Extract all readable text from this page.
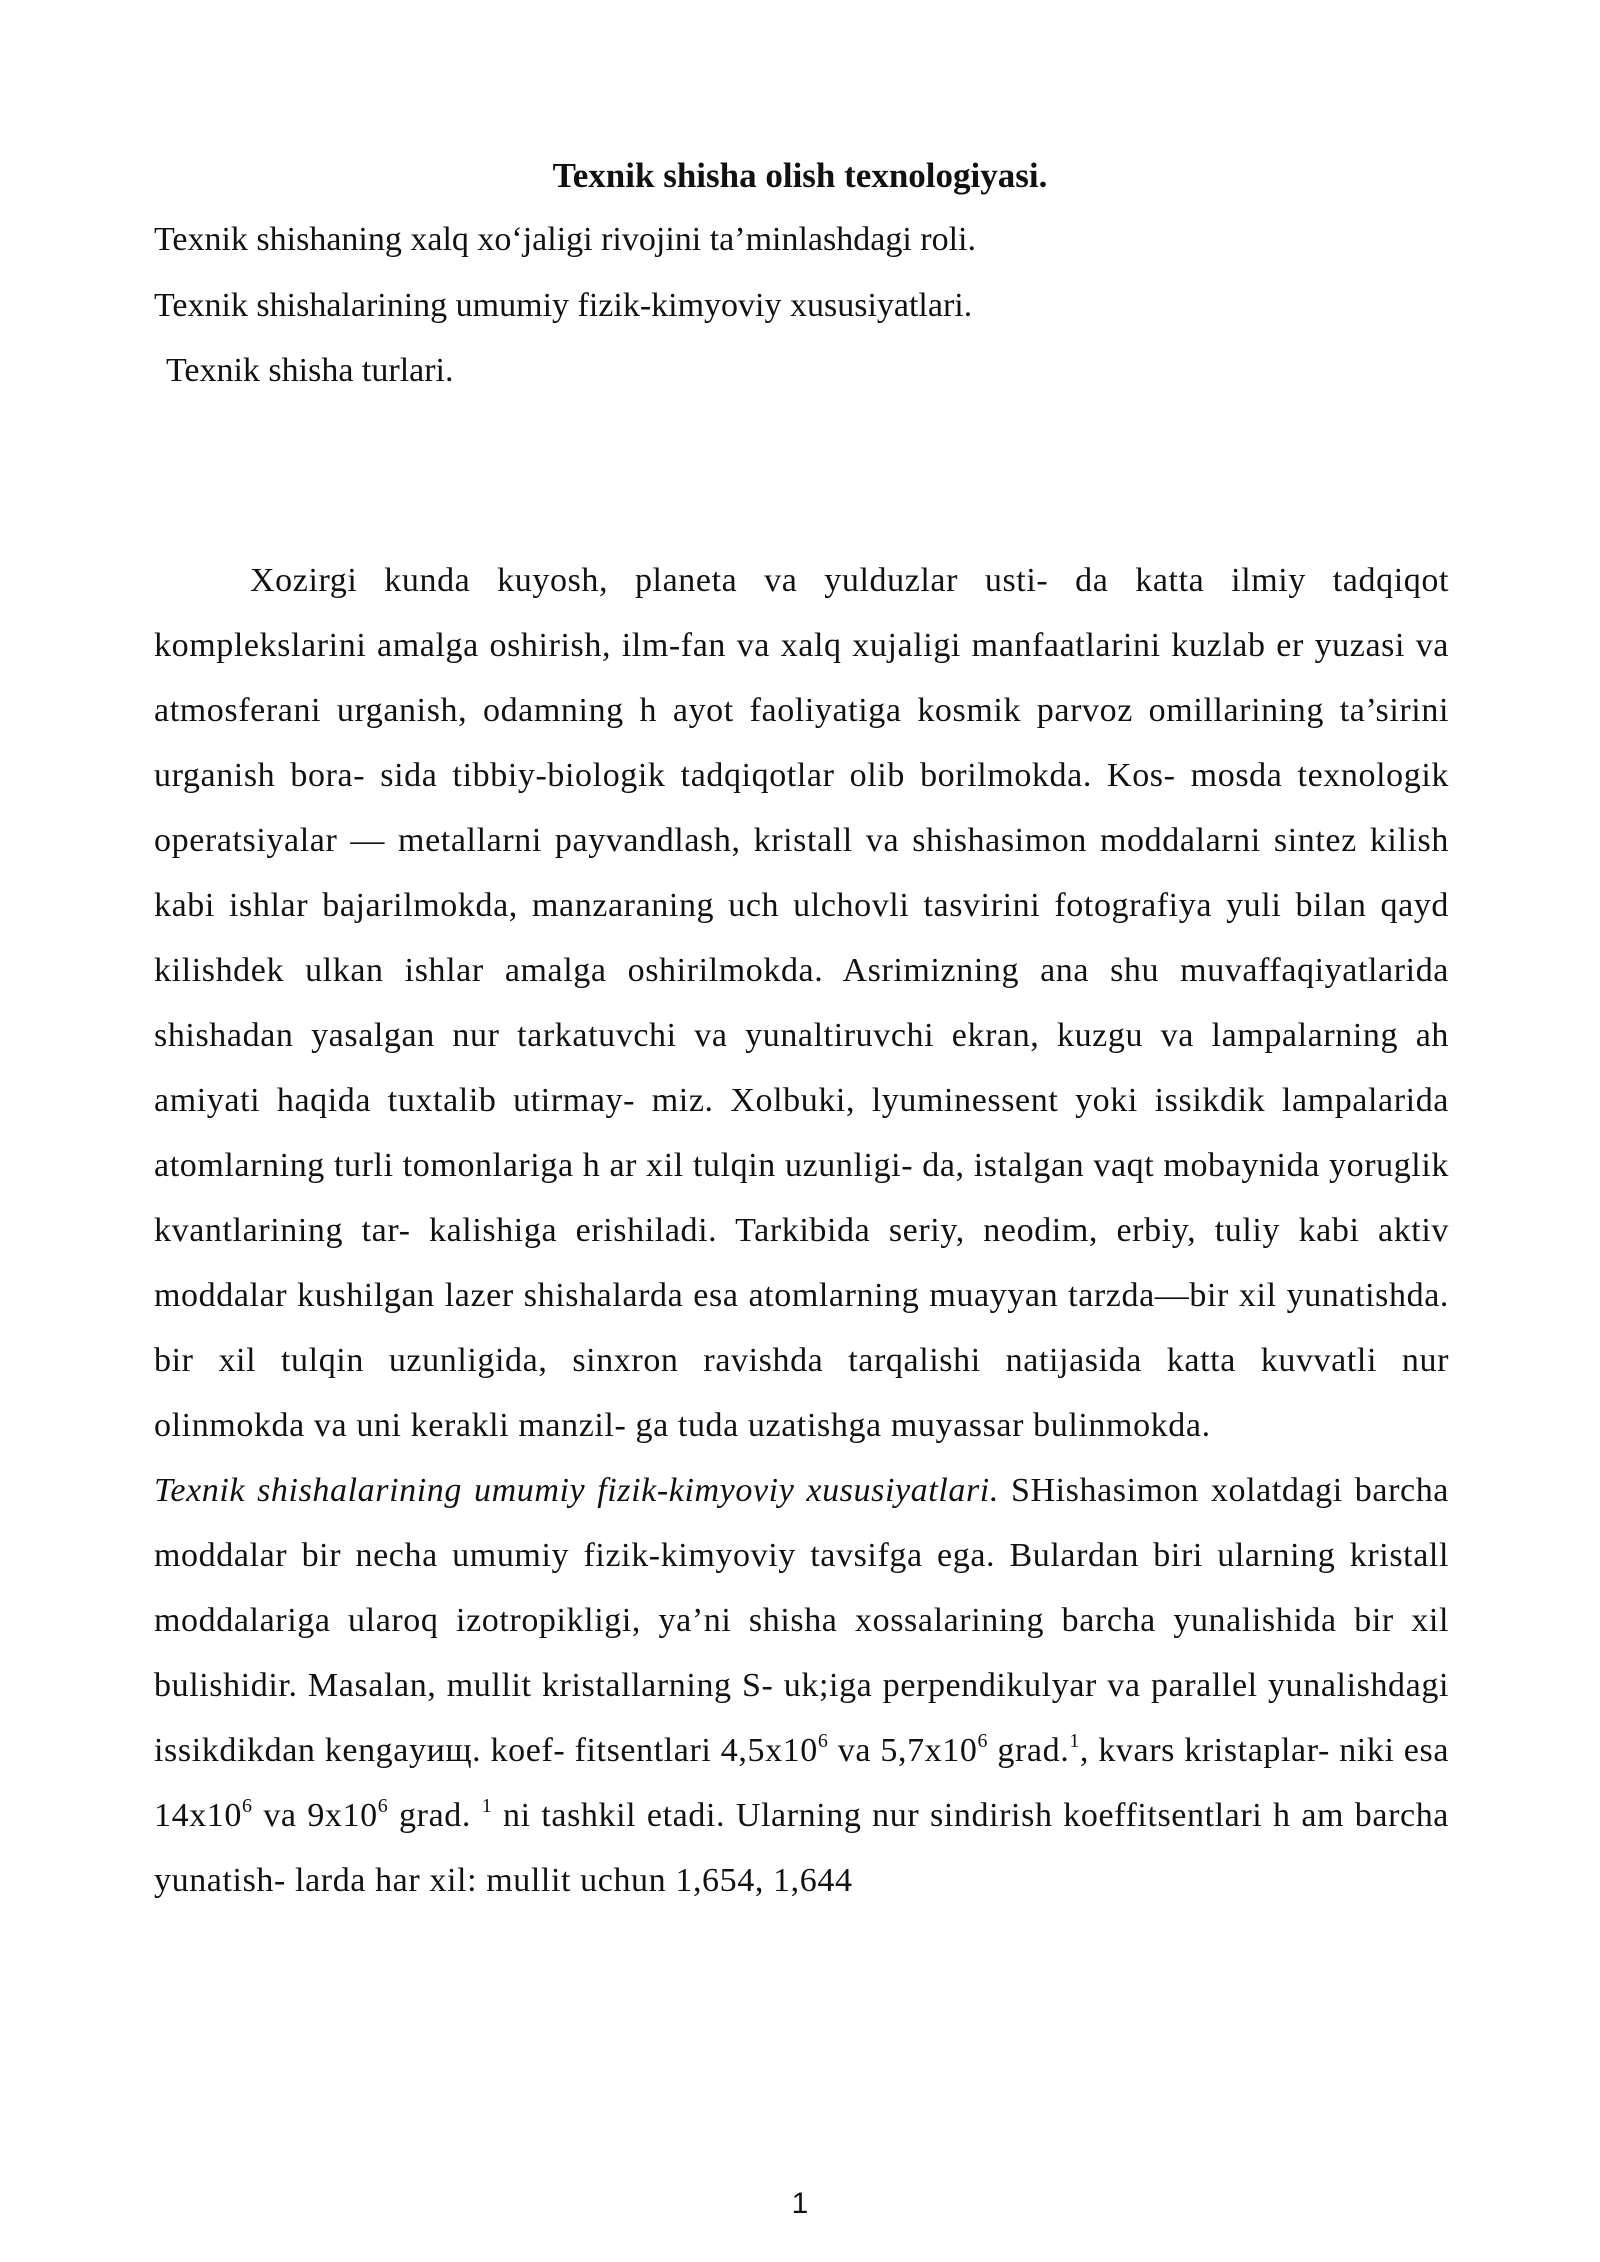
Texnik shisha olish texnologiyasi.
Texnik shishaning xalq xo‘jaligi rivojini ta’minlashdagi roli.
Texnik shishalarining umumiy fizik-kimyoviy xususiyatlari.
Texnik shisha turlari.

Xozirgi kunda kuyosh, planeta va yulduzlar usti- da katta ilmiy tadqiqot komplekslarini amalga oshirish, ilm-fan va xalq xujaligi manfaatlarini kuzlab er yuzasi va atmosferani urganish, odamning h ayot faoliyatiga kosmik parvoz omillarining ta’sirini urganish bora- sida tibbiy-biologik tadqiqotlar olib borilmokda. Kos- mosda texnologik operatsiyalar — metallarni payvandlash, kristall va shishasimon moddalarni sintez kilish kabi ishlar bajarilmokda, manzaraning uch ulchovli tasvirini fotografiya yuli bilan qayd kilishdek ulkan ishlar amalga oshirilmokda. Asrimizning ana shu muvaffaqiyatlarida shishadan yasalgan nur tarkatuvchi va yunaltiruvchi ekran, kuzgu va lampalarning ah amiyati haqida tuxtalib utirmay- miz. Xolbuki, lyuminessent yoki issikdik lampalarida atomlarning turli tomonlariga h ar xil tulqin uzunligi- da, istalgan vaqt mobaynida yoruglik kvantlarining tar- kalishiga erishiladi. Tarkibida seriy, neodim, erbiy, tuliy kabi aktiv moddalar kushilgan lazer shishalarda esa atomlarning muayyan tarzda—bir xil yunatishda. bir xil tulqin uzunligida, sinxron ravishda tarqalishi natijasida katta kuvvatli nur olinmokda va uni kerakli manzil- ga tuda uzatishga muyassar bulinmokda.

Texnik shishalarining umumiy fizik-kimyoviy xususiyatlari. SHishasimon xolatdagi barcha moddalar bir necha umumiy fizik-kimyoviy tavsifga ega. Bulardan biri ularning kristall moddalariga ularoq izotropikligi, ya’ni shisha xossalarining barcha yunalishida bir xil bulishidir. Masalan, mullit kristallarning S- uk;iga perpendikulyar va parallel yunalishdagi issikdikdan kengayищ. koef- fitsentlari $4,5x10^6$ va $5,7x10^6$ grad.$^1$, kvars kristaplar- niki esa $14x10^6$ va $9x10^6$ grad. $^1$ ni tashkil etadi. Ularning nur sindirish koeffitsentlari h am barcha yunatish- larda har xil: mullit uchun 1,654, 1,644

1
